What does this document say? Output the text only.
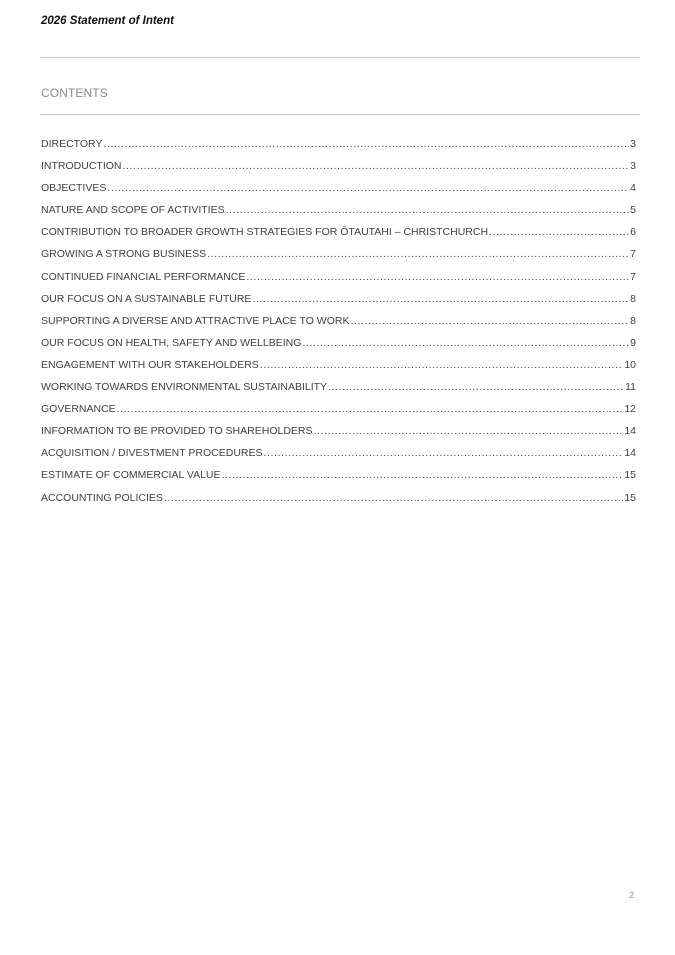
2026 Statement of Intent
CONTENTS
DIRECTORY .....	3
INTRODUCTION .....	3
OBJECTIVES .....	4
NATURE AND SCOPE OF ACTIVITIES .....	5
CONTRIBUTION TO BROADER GROWTH STRATEGIES FOR ŌTAUTAHI – CHRISTCHURCH .....	6
GROWING A STRONG BUSINESS .....	7
CONTINUED FINANCIAL PERFORMANCE .....	7
OUR FOCUS ON A SUSTAINABLE FUTURE .....	8
SUPPORTING A DIVERSE AND ATTRACTIVE PLACE TO WORK .....	8
OUR FOCUS ON HEALTH, SAFETY AND WELLBEING .....	9
ENGAGEMENT WITH OUR STAKEHOLDERS .....	10
WORKING TOWARDS ENVIRONMENTAL SUSTAINABILITY .....	11
GOVERNANCE .....	12
INFORMATION TO BE PROVIDED TO SHAREHOLDERS .....	14
ACQUISITION / DIVESTMENT PROCEDURES .....	14
ESTIMATE OF COMMERCIAL VALUE .....	15
ACCOUNTING POLICIES .....	15
2
